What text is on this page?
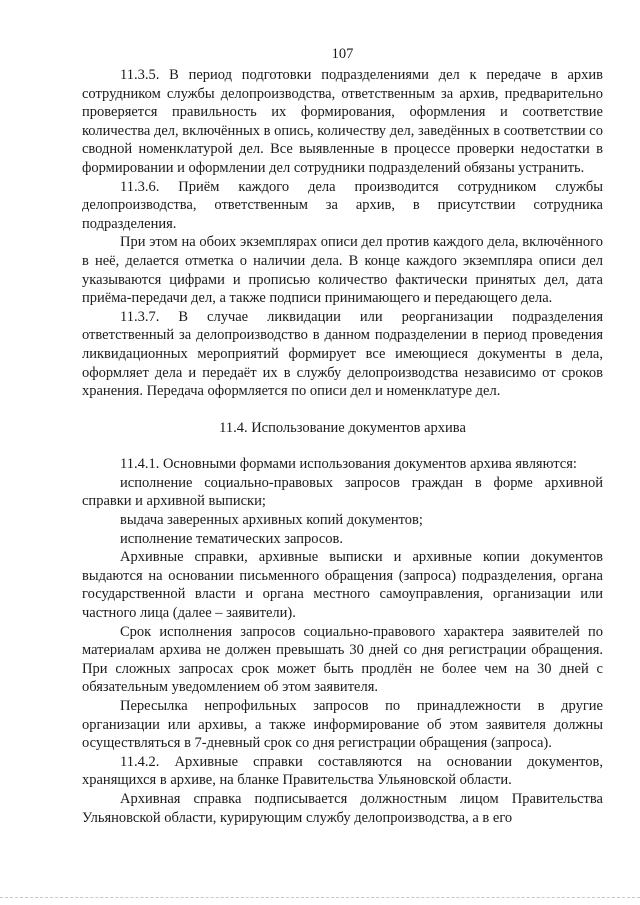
107

11.3.5. В период подготовки подразделениями дел к передаче в архив сотрудником службы делопроизводства, ответственным за архив, предварительно проверяется правильность их формирования, оформления и соответствие количества дел, включённых в опись, количеству дел, заведённых в соответствии со сводной номенклатурой дел. Все выявленные в процессе проверки недостатки в формировании и оформлении дел сотрудники подразделений обязаны устранить.

11.3.6. Приём каждого дела производится сотрудником службы делопроизводства, ответственным за архив, в присутствии сотрудника подразделения.

При этом на обоих экземплярах описи дел против каждого дела, включённого в неё, делается отметка о наличии дела. В конце каждого экземпляра описи дел указываются цифрами и прописью количество фактически принятых дел, дата приёма-передачи дел, а также подписи принимающего и передающего дела.

11.3.7. В случае ликвидации или реорганизации подразделения ответственный за делопроизводство в данном подразделении в период проведения ликвидационных мероприятий формирует все имеющиеся документы в дела, оформляет дела и передаёт их в службу делопроизводства независимо от сроков хранения. Передача оформляется по описи дел и номенклатуре дел.

11.4. Использование документов архива

11.4.1. Основными формами использования документов архива являются:

исполнение социально-правовых запросов граждан в форме архивной справки и архивной выписки;

выдача заверенных архивных копий документов;

исполнение тематических запросов.

Архивные справки, архивные выписки и архивные копии документов выдаются на основании письменного обращения (запроса) подразделения, органа государственной власти и органа местного самоуправления, организации или частного лица (далее – заявители).

Срок исполнения запросов социально-правового характера заявителей по материалам архива не должен превышать 30 дней со дня регистрации обращения. При сложных запросах срок может быть продлён не более чем на 30 дней с обязательным уведомлением об этом заявителя.

Пересылка непрофильных запросов по принадлежности в другие организации или архивы, а также информирование об этом заявителя должны осуществляться в 7-дневный срок со дня регистрации обращения (запроса).

11.4.2. Архивные справки составляются на основании документов, хранящихся в архиве, на бланке Правительства Ульяновской области.

Архивная справка подписывается должностным лицом Правительства Ульяновской области, курирующим службу делопроизводства, а в его
